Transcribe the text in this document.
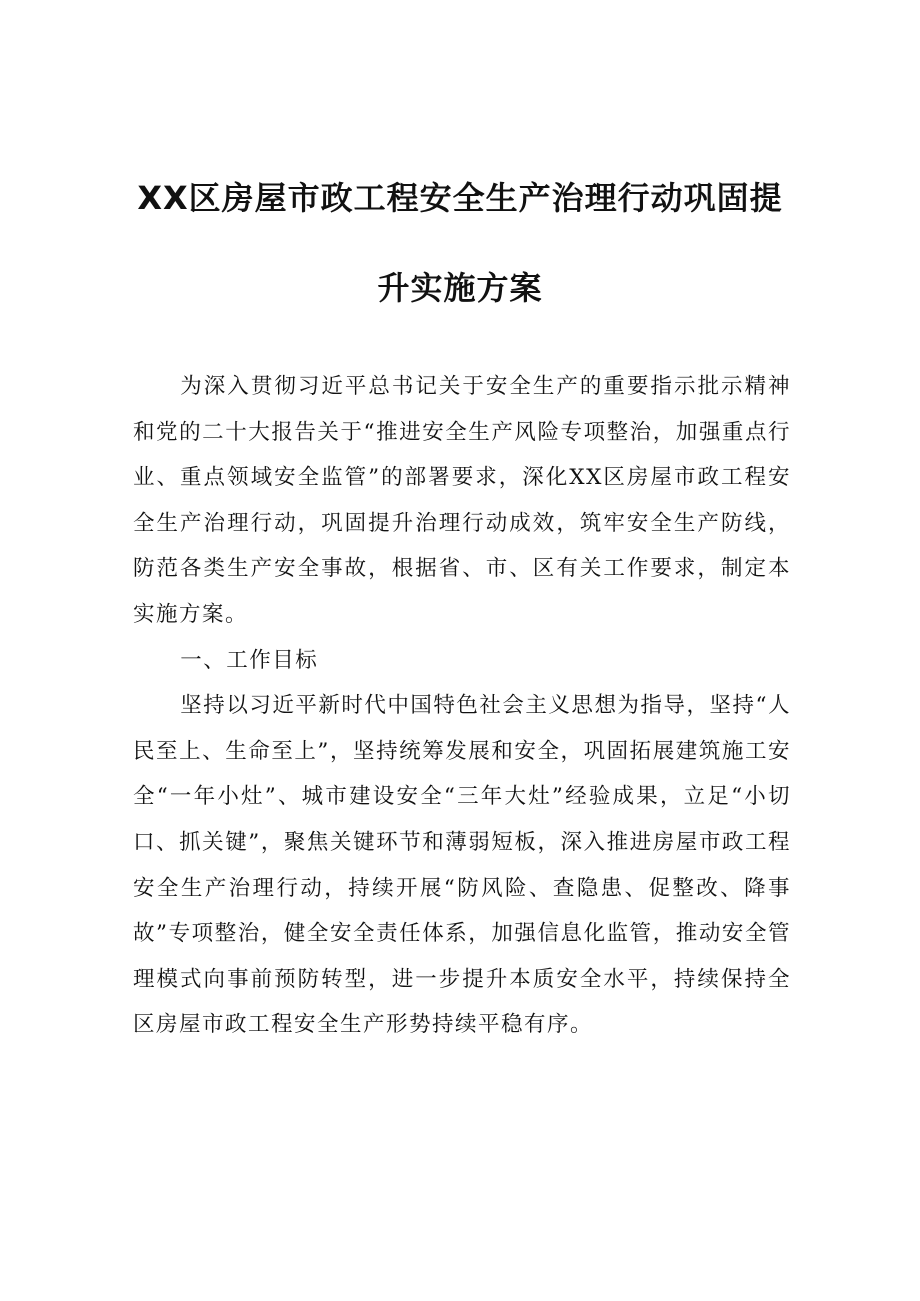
XX区房屋市政工程安全生产治理行动巩固提
升实施方案

为深入贯彻习近平总书记关于安全生产的重要指示批示精神和党的二十大报告关于“推进安全生产风险专项整治，加强重点行业、重点领域安全监管”的部署要求，深化XX区房屋市政工程安全生产治理行动，巩固提升治理行动成效，筑牢安全生产防线，防范各类生产安全事故，根据省、市、区有关工作要求，制定本实施方案。

一、工作目标

坚持以习近平新时代中国特色社会主义思想为指导，坚持“人民至上、生命至上”，坚持统筹发展和安全，巩固拓展建筑施工安全“一年小灶”、城市建设安全“三年大灶”经验成果，立足“小切口、抓关键”，聚焦关键环节和薄弱短板，深入推进房屋市政工程安全生产治理行动，持续开展“防风险、查隐患、促整改、降事故”专项整治，健全安全责任体系，加强信息化监管，推动安全管理模式向事前预防转型，进一步提升本质安全水平，持续保持全区房屋市政工程安全生产形势持续平稳有序。
